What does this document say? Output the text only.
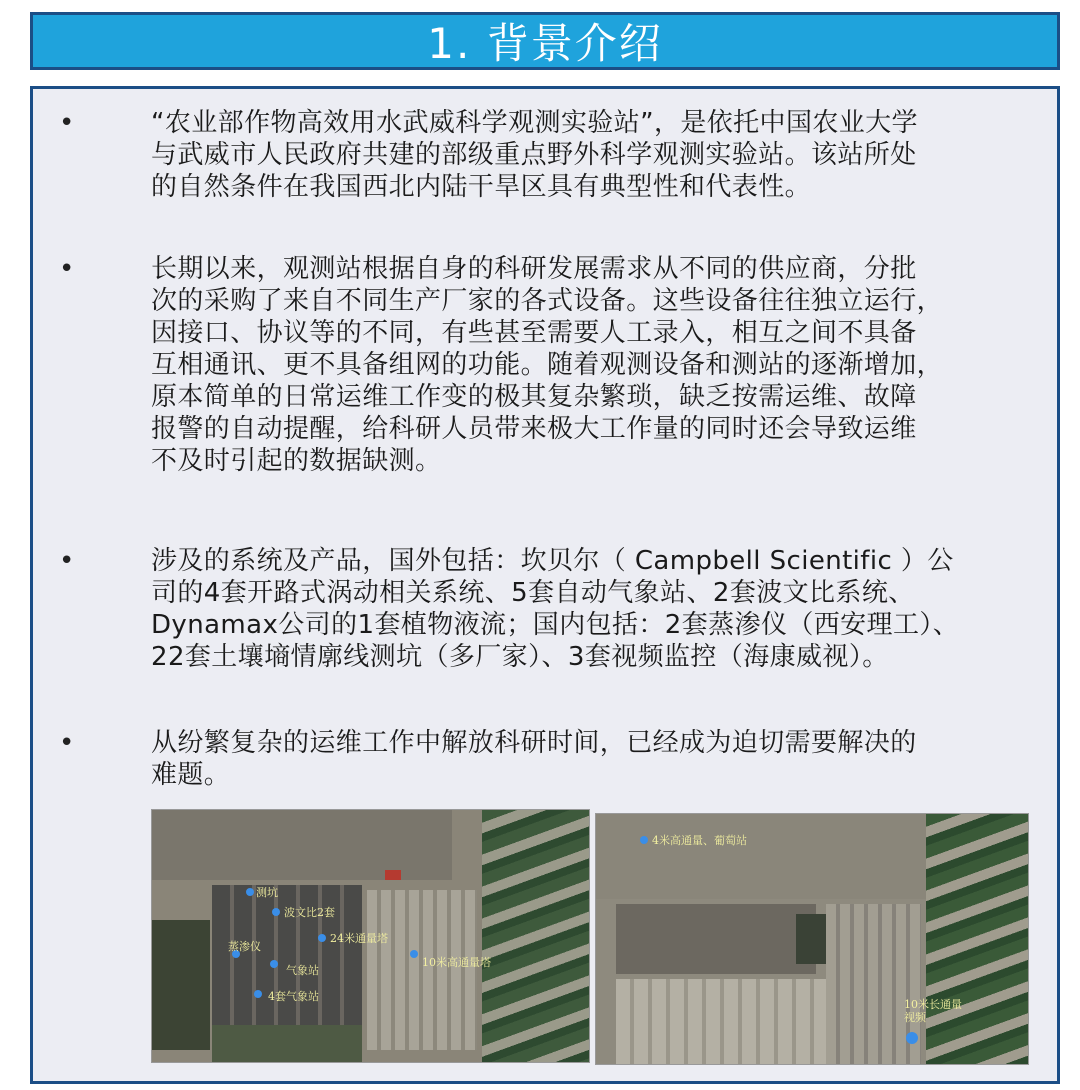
1. 背景介绍
•	“农业部作物高效用水武威科学观测实验站”，是依托中国农业大学
与武威市人民政府共建的部级重点野外科学观测实验站。该站所处
的自然条件在我国西北内陆干旱区具有典型性和代表性。
•	长期以来，观测站根据自身的科研发展需求从不同的供应商，分批
次的采购了来自不同生产厂家的各式设备。这些设备往往独立运行，
因接口、协议等的不同，有些甚至需要人工录入，相互之间不具备
互相通讯、更不具备组网的功能。随着观测设备和测站的逐渐增加，
原本简单的日常运维工作变的极其复杂繁琐，缺乏按需运维、故障
报警的自动提醒，给科研人员带来极大工作量的同时还会导致运维
不及时引起的数据缺测。
•	涉及的系统及产品，国外包括：坎贝尔（ Campbell Scientific ）公
司的4套开路式涡动相关系统、5套自动气象站、2套波文比系统、
Dynamax公司的1套植物液流；国内包括：2套蒸渗仪（西安理工）、
22套土壤墒情廓线测坑（多厂家）、3套视频监控（海康威视）。
•	从纷繁复杂的运维工作中解放科研时间，已经成为迫切需要解决的
难题。
测坑
波文比2套
24米通量塔
蒸渗仪
气象站
10米高通量塔
4套气象站
4米高通量、葡萄站
10米长通量
视频
